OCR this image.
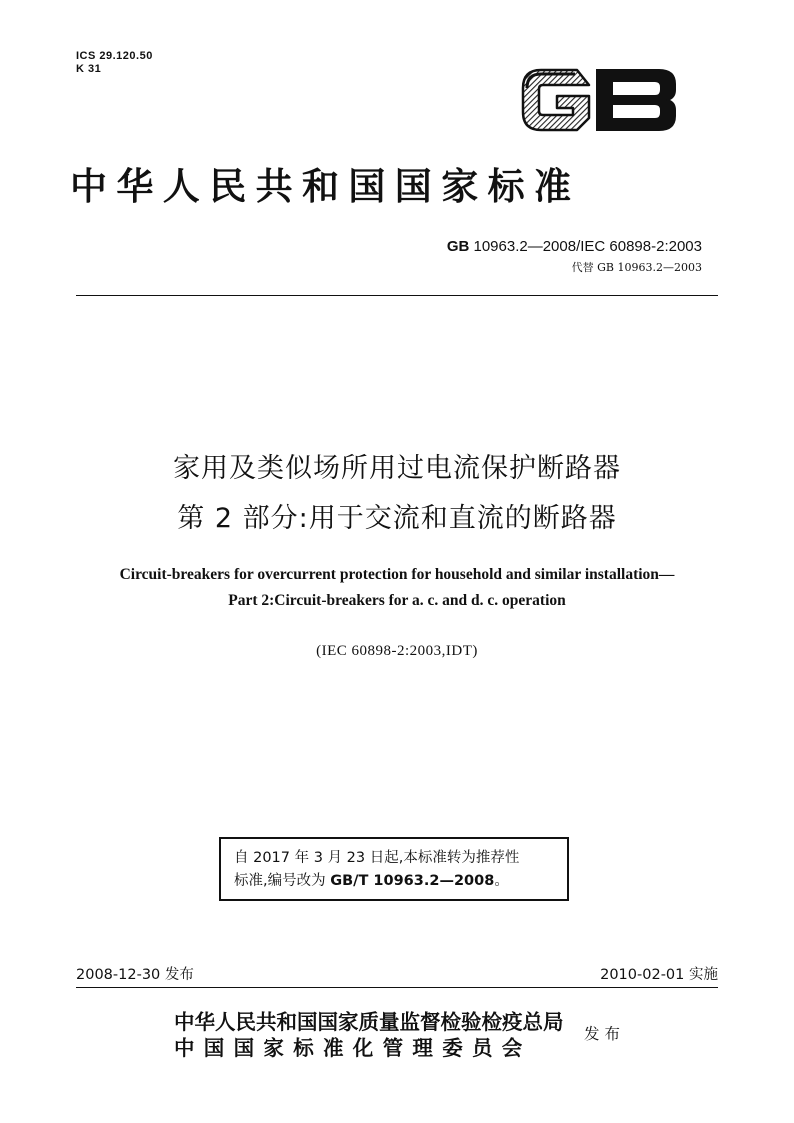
ICS 29.120.50
K 31
中华人民共和国国家标准
GB 10963.2—2008/IEC 60898-2:2003
代替 GB 10963.2—2003
家用及类似场所用过电流保护断路器
第 2 部分:用于交流和直流的断路器
Circuit-breakers for overcurrent protection for household and similar installation—
Part 2:Circuit-breakers for a. c. and d. c. operation
(IEC 60898-2:2003,IDT)
自 2017 年 3 月 23 日起,本标准转为推荐性
标准,编号改为 GB/T 10963.2—2008。
2008-12-30 发布	2010-02-01 实施
中华人民共和国国家质量监督检验检疫总局
中国国家标准化管理委员会
发布
